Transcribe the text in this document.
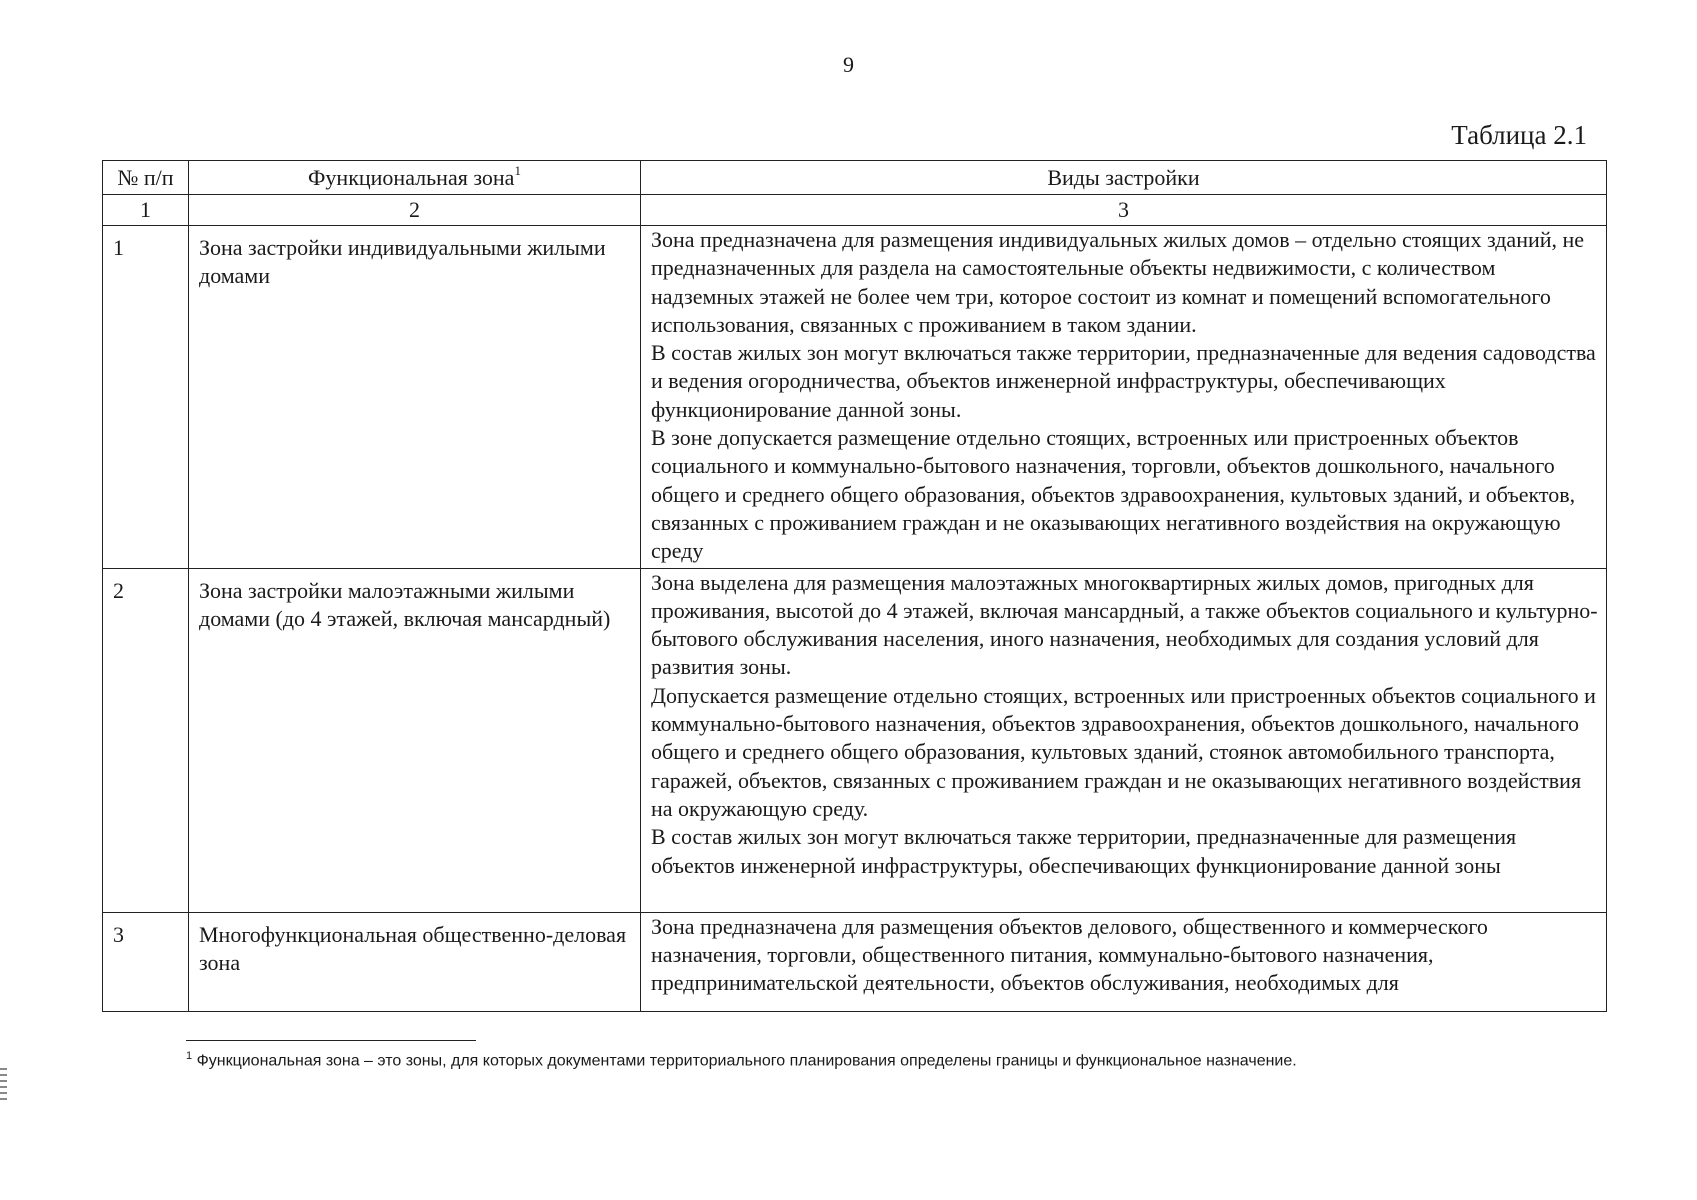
9
Таблица 2.1
№ п/п	Функциональная зона$^1$	Виды застройки
1	2	3
1	Зона застройки индивидуальными жилыми домами	Зона предназначена для размещения индивидуальных жилых домов – отдельно стоящих зданий, не предназначенных для раздела на самостоятельные объекты недвижимости, с количеством надземных этажей не более чем три, которое состоит из комнат и помещений вспомогательного использования, связанных с проживанием в таком здании.

В состав жилых зон могут включаться также территории, предназначенные для ведения садоводства и ведения огородничества, объектов инженерной инфраструктуры, обеспечивающих функционирование данной зоны.

В зоне допускается размещение отдельно стоящих, встроенных или пристроенных объектов социального и коммунально-бытового назначения, торговли, объектов дошкольного, начального общего и среднего общего образования, объектов здравоохранения, культовых зданий, и объектов, связанных с проживанием граждан и не оказывающих негативного воздействия на окружающую среду

2	Зона застройки малоэтажными жилыми домами (до 4 этажей, включая мансардный)	Зона выделена для размещения малоэтажных многоквартирных жилых домов, пригодных для проживания, высотой до 4 этажей, включая мансардный, а также объектов социального и культурно-бытового обслуживания населения, иного назначения, необходимых для создания условий для развития зоны.

Допускается размещение отдельно стоящих, встроенных или пристроенных объектов социального и коммунально-бытового назначения, объектов здравоохранения, объектов дошкольного, начального общего и среднего общего образования, культовых зданий, стоянок автомобильного транспорта, гаражей, объектов, связанных с проживанием граждан и не оказывающих негативного воздействия на окружающую среду.

В состав жилых зон могут включаться также территории, предназначенные для размещения объектов инженерной инфраструктуры, обеспечивающих функционирование данной зоны

3	Многофункциональная общественно-деловая зона	Зона предназначена для размещения объектов делового, общественного и коммерческого назначения, торговли, общественного питания, коммунально-бытового назначения, предпринимательской деятельности, объектов обслуживания, необходимых для

$^1$ Функциональная зона – это зоны, для которых документами территориального планирования определены границы и функциональное назначение.
